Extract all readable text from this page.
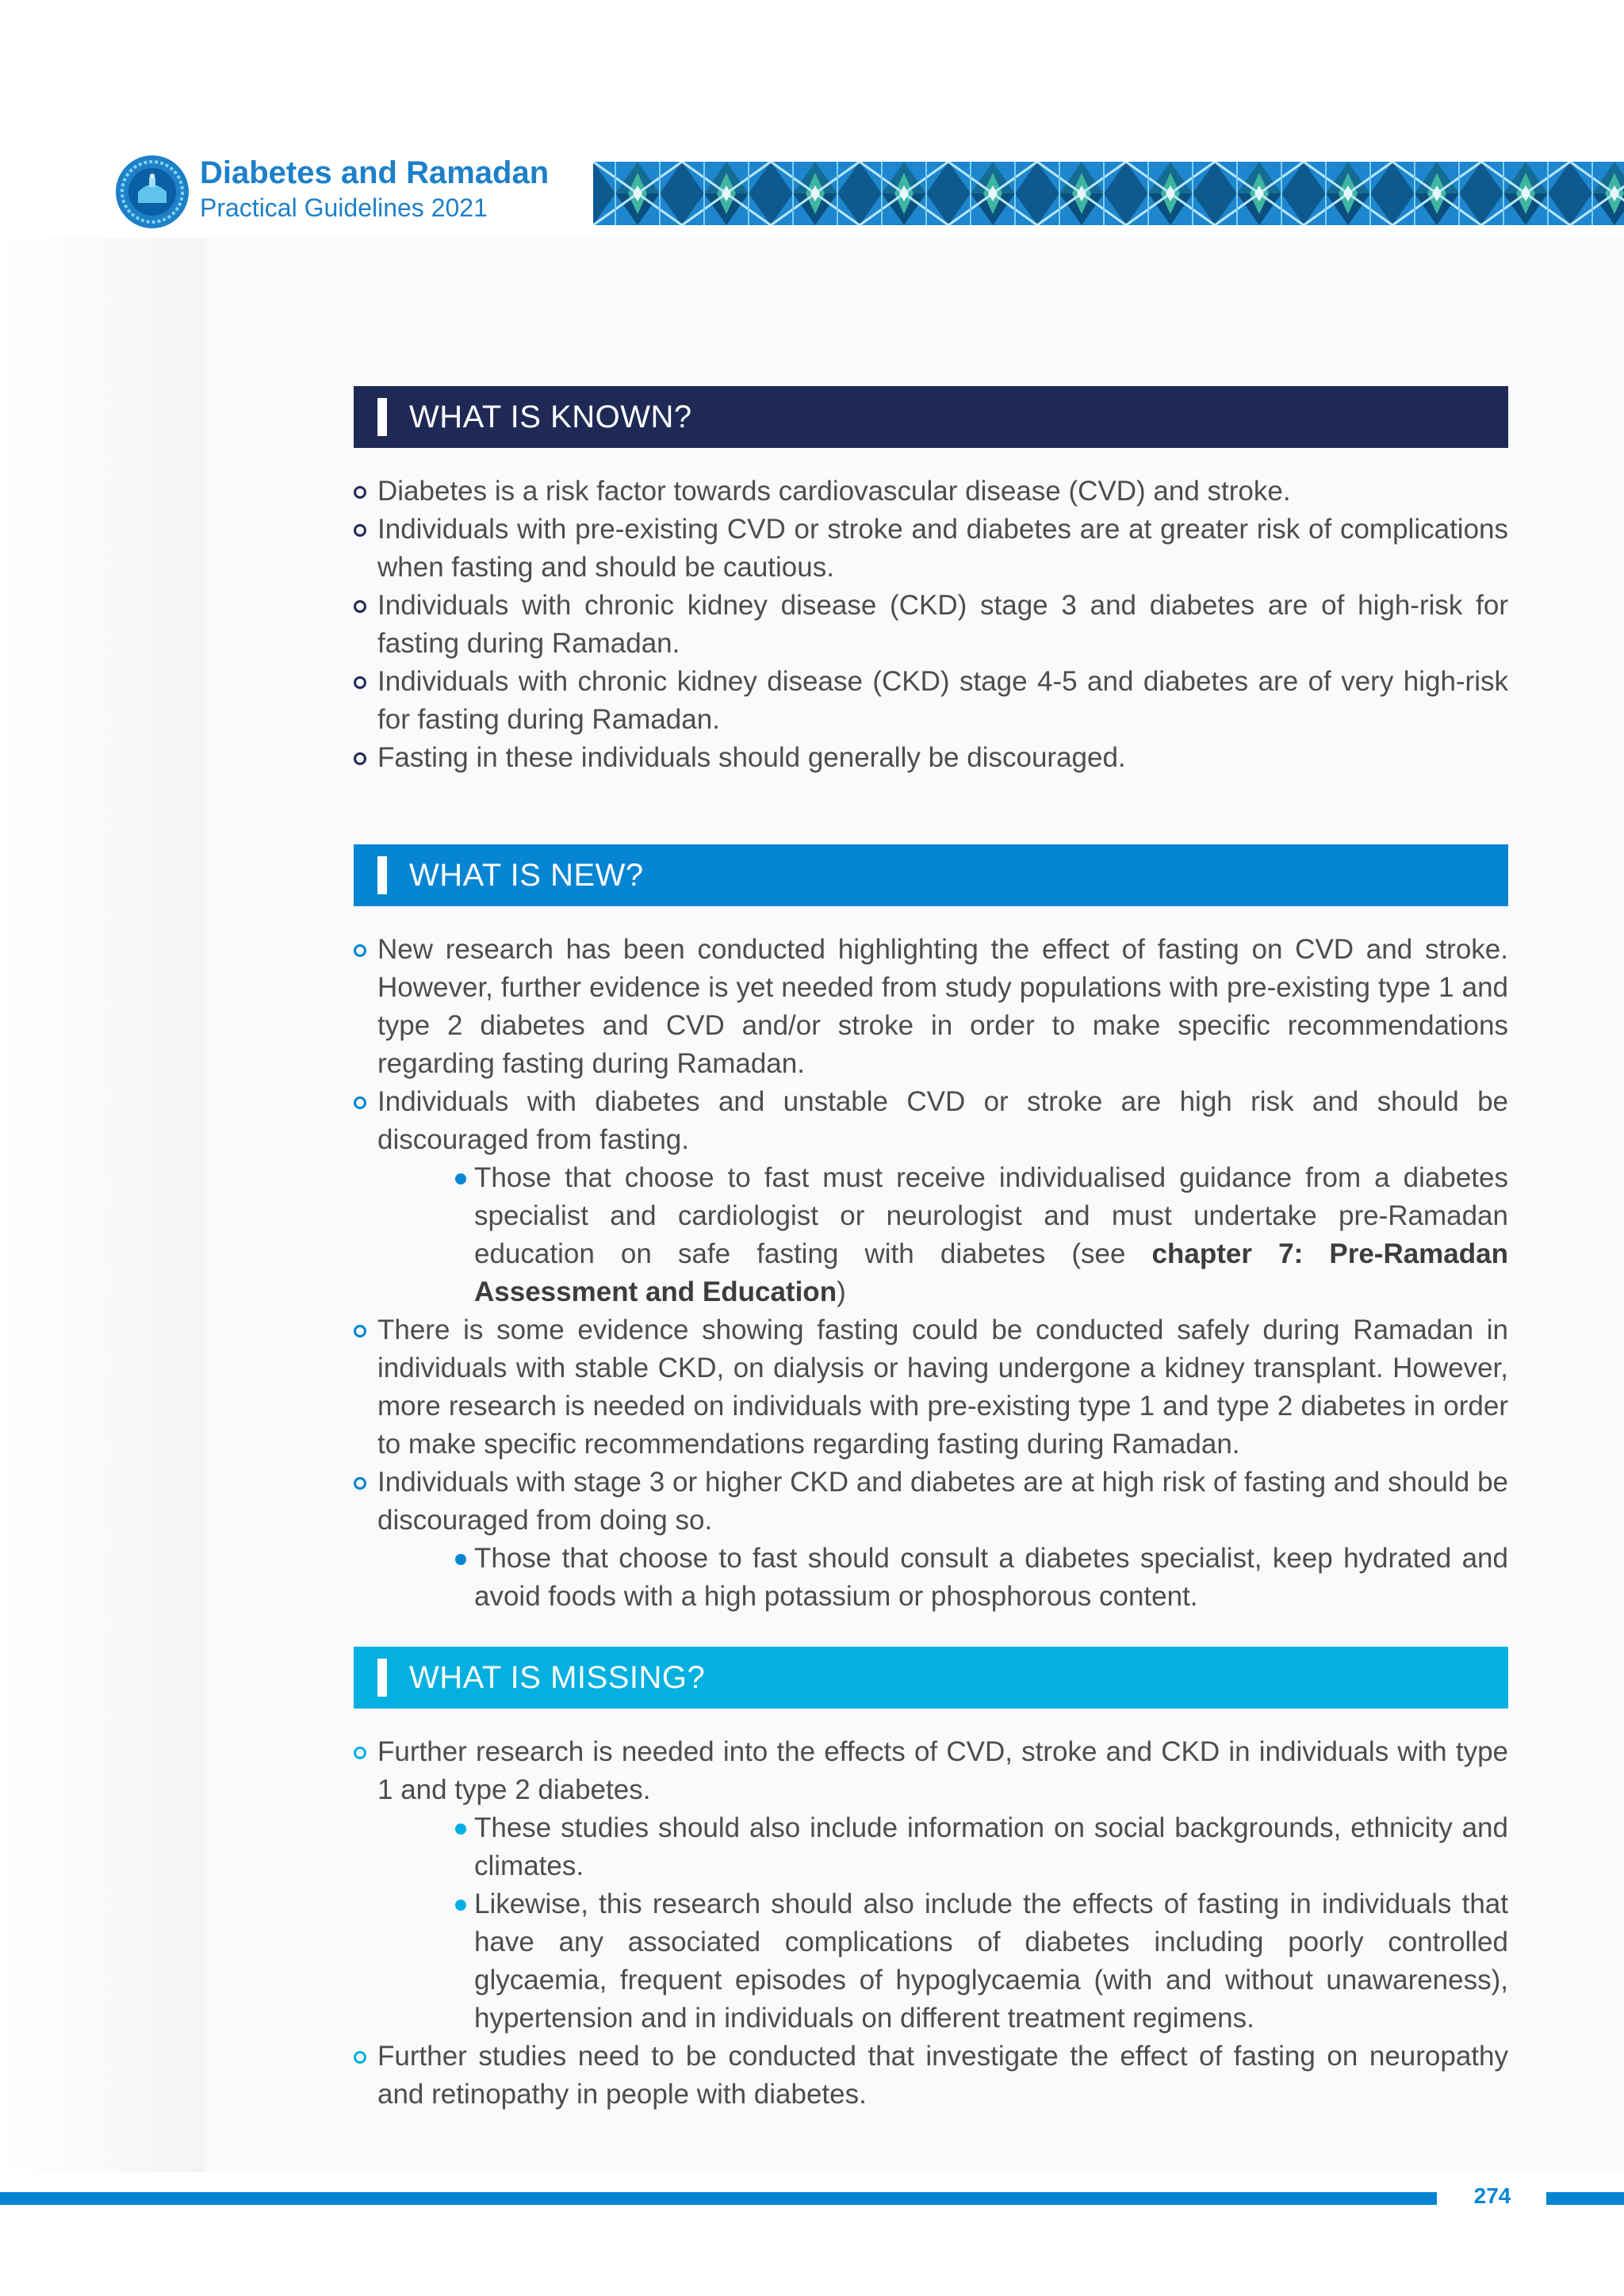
Diabetes and Ramadan
Practical Guidelines 2021
WHAT IS KNOWN?
Diabetes is a risk factor towards cardiovascular disease (CVD) and stroke.
Individuals with pre-existing CVD or stroke and diabetes are at greater risk of complications when fasting and should be cautious.
Individuals with chronic kidney disease (CKD) stage 3 and diabetes are of high-risk for fasting during Ramadan.
Individuals with chronic kidney disease (CKD) stage 4-5 and diabetes are of very high-risk for fasting during Ramadan.
Fasting in these individuals should generally be discouraged.
WHAT IS NEW?
New research has been conducted highlighting the effect of fasting on CVD and stroke. However, further evidence is yet needed from study populations with pre-existing type 1 and type 2 diabetes and CVD and/or stroke in order to make specific recommendations regarding fasting during Ramadan.
Individuals with diabetes and unstable CVD or stroke are high risk and should be discouraged from fasting.
Those that choose to fast must receive individualised guidance from a diabetes specialist and cardiologist or neurologist and must undertake pre-Ramadan education on safe fasting with diabetes (see chapter 7: Pre-Ramadan Assessment and Education)
There is some evidence showing fasting could be conducted safely during Ramadan in individuals with stable CKD, on dialysis or having undergone a kidney transplant. However, more research is needed on individuals with pre-existing type 1 and type 2 diabetes in order to make specific recommendations regarding fasting during Ramadan.
Individuals with stage 3 or higher CKD and diabetes are at high risk of fasting and should be discouraged from doing so.
Those that choose to fast should consult a diabetes specialist, keep hydrated and avoid foods with a high potassium or phosphorous content.
WHAT IS MISSING?
Further research is needed into the effects of CVD, stroke and CKD in individuals with type 1 and type 2 diabetes.
These studies should also include information on social backgrounds, ethnicity and climates.
Likewise, this research should also include the effects of fasting in individuals that have any associated complications of diabetes including poorly controlled glycaemia, frequent episodes of hypoglycaemia (with and without unawareness), hypertension and in individuals on different treatment regimens.
Further studies need to be conducted that investigate the effect of fasting on neuropathy and retinopathy in people with diabetes.
274
